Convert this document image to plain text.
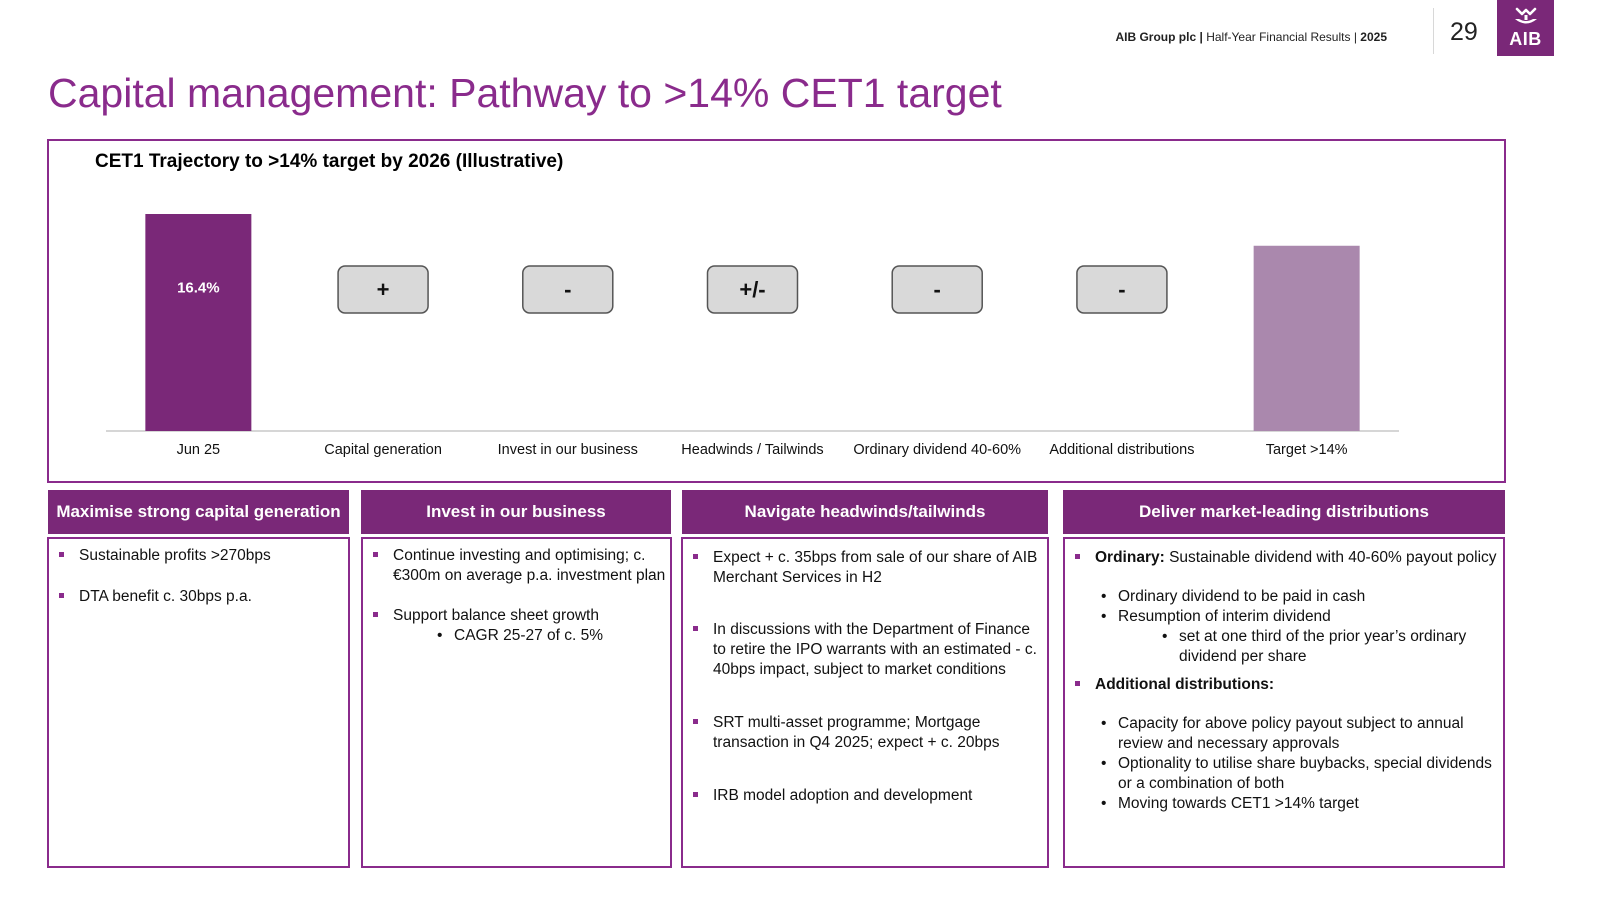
AIB Group plc | Half-Year Financial Results | 2025	29	AIB
Capital management: Pathway to >14% CET1 target
CET1 Trajectory to >14% target by 2026 (Illustrative)
16.4%
Jun 25
+
Capital generation
-
Invest in our business
+/-
Headwinds / Tailwinds
-
Ordinary dividend 40-60%
-
Additional distributions	Target >14%
Maximise strong capital generation
Sustainable profits >270bps
DTA benefit c. 30bps p.a.
Invest in our business
Continue investing and optimising; c. €300m on average p.a. investment plan
Support balance sheet growth
• CAGR 25-27 of c. 5%
Navigate headwinds/tailwinds
Expect + c. 35bps from sale of our share of AIB Merchant Services in H2
In discussions with the Department of Finance to retire the IPO warrants with an estimated - c. 40bps impact, subject to market conditions
SRT multi-asset programme; Mortgage transaction in Q4 2025; expect + c. 20bps
IRB model adoption and development
Deliver market-leading distributions
Ordinary: Sustainable dividend with 40-60% payout policy
• Ordinary dividend to be paid in cash
• Resumption of interim dividend
• set at one third of the prior year’s ordinary dividend per share
Additional distributions:
• Capacity for above policy payout subject to annual review and necessary approvals
• Optionality to utilise share buybacks, special dividends or a combination of both
• Moving towards CET1 >14% target
